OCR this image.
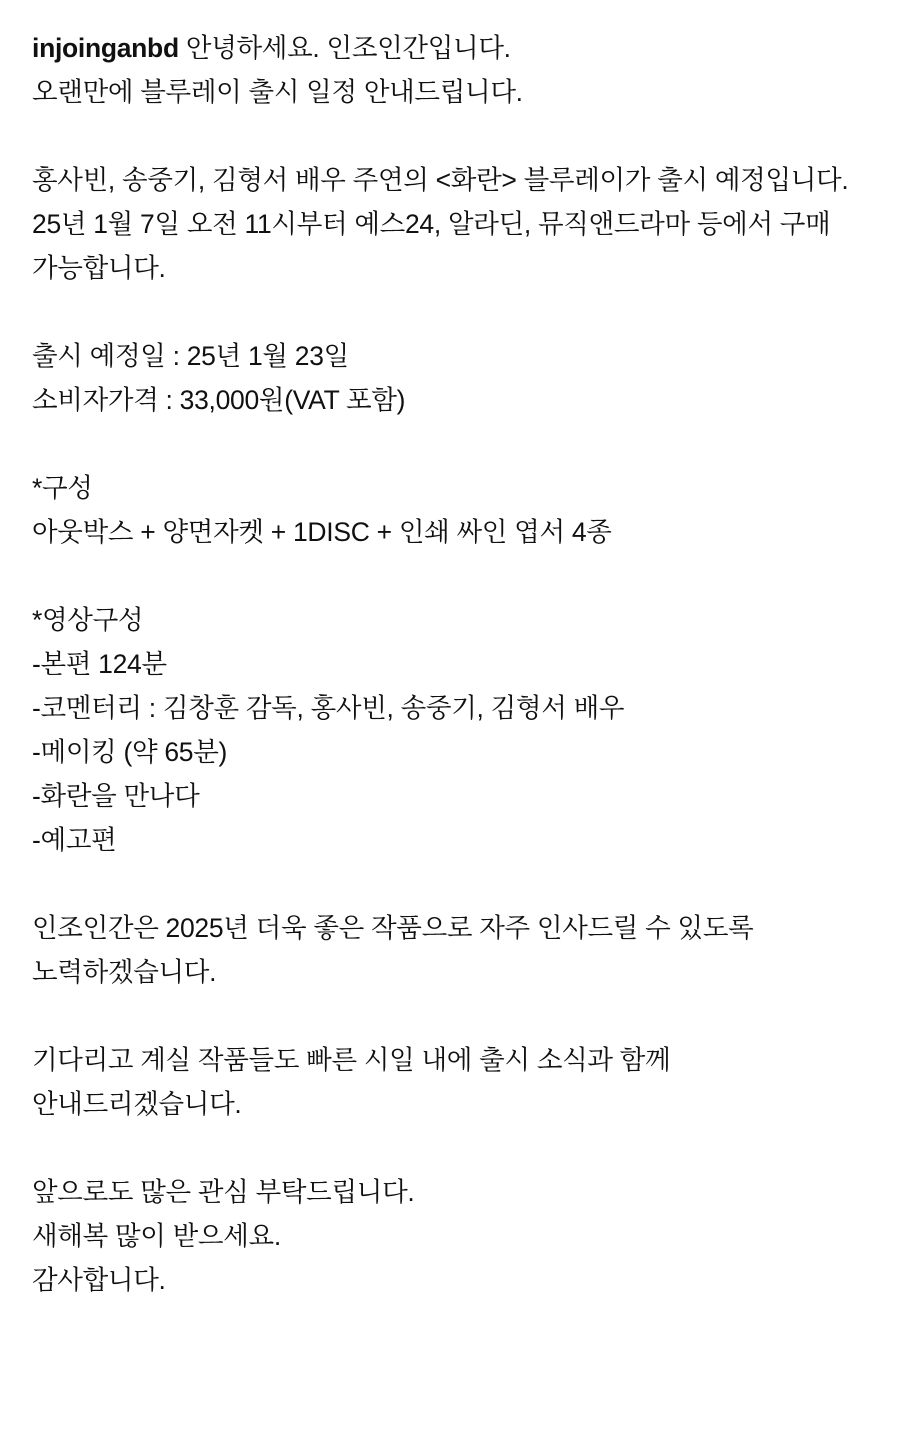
injoinganbd 안녕하세요. 인조인간입니다.
오랜만에 블루레이 출시 일정 안내드립니다.
홍사빈, 송중기, 김형서 배우 주연의 <화란> 블루레이가 출시 예정입니다.
25년 1월 7일 오전 11시부터 예스24, 알라딘, 뮤직앤드라마 등에서 구매 가능합니다.
출시 예정일 : 25년 1월 23일
소비자가격 : 33,000원(VAT 포함)
*구성
아웃박스 + 양면자켓 + 1DISC + 인쇄 싸인 엽서 4종
*영상구성
-본편 124분
-코멘터리 : 김창훈 감독, 홍사빈, 송중기, 김형서 배우
-메이킹 (약 65분)
-화란을 만나다
-예고편
인조인간은 2025년 더욱 좋은 작품으로 자주 인사드릴 수 있도록 노력하겠습니다.
기다리고 계실 작품들도 빠른 시일 내에 출시 소식과 함께 안내드리겠습니다.
앞으로도 많은 관심 부탁드립니다.
새해복 많이 받으세요.
감사합니다.
